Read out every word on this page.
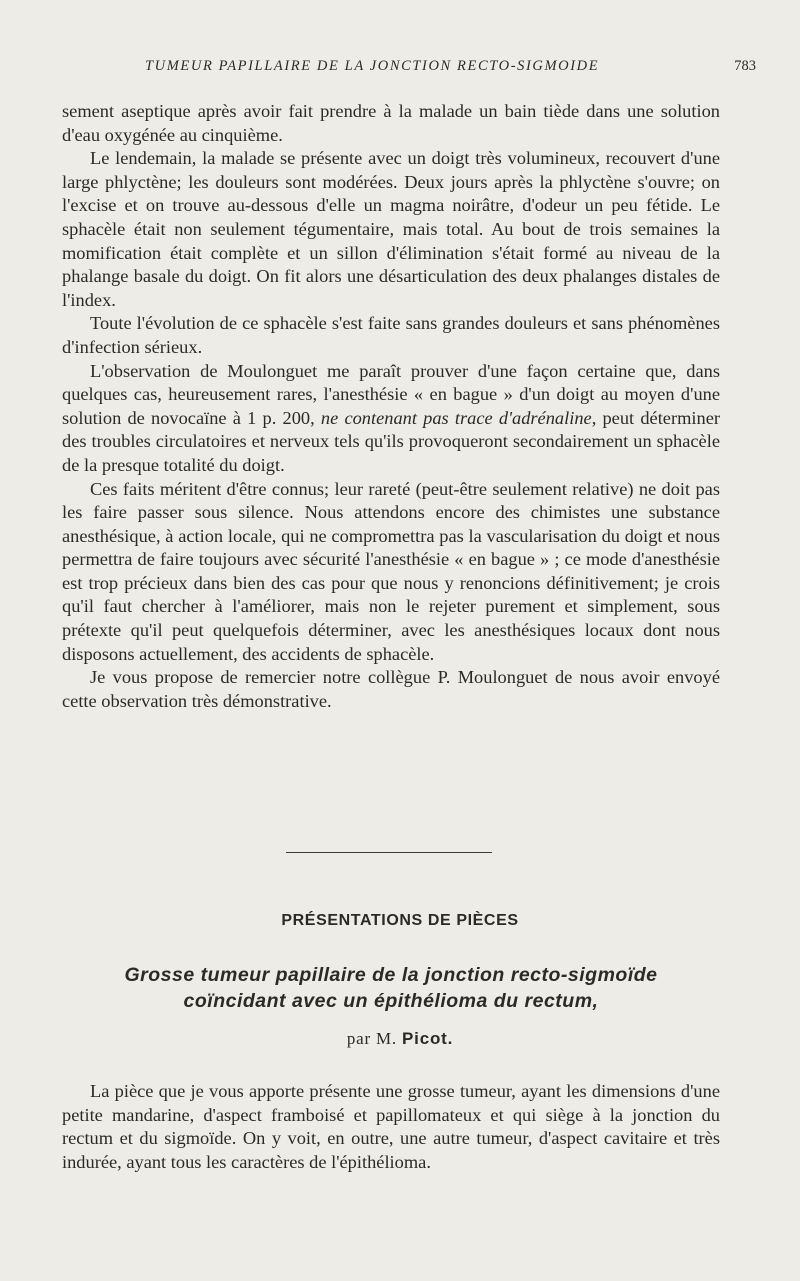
TUMEUR PAPILLAIRE DE LA JONCTION RECTO-SIGMOIDE	783

sement aseptique après avoir fait prendre à la malade un bain tiède dans une solution d'eau oxygénée au cinquième.

Le lendemain, la malade se présente avec un doigt très volumineux, recouvert d'une large phlyctène; les douleurs sont modérées. Deux jours après la phlyctène s'ouvre; on l'excise et on trouve au-dessous d'elle un magma noirâtre, d'odeur un peu fétide. Le sphacèle était non seulement tégumentaire, mais total. Au bout de trois semaines la momification était complète et un sillon d'élimination s'était formé au niveau de la phalange basale du doigt. On fit alors une désarticulation des deux phalanges distales de l'index.

Toute l'évolution de ce sphacèle s'est faite sans grandes douleurs et sans phénomènes d'infection sérieux.

L'observation de Moulonguet me paraît prouver d'une façon certaine que, dans quelques cas, heureusement rares, l'anesthésie « en bague » d'un doigt au moyen d'une solution de novocaïne à 1 p. 200, ne contenant pas trace d'adrénaline, peut déterminer des troubles circulatoires et nerveux tels qu'ils provoqueront secondairement un sphacèle de la presque totalité du doigt.

Ces faits méritent d'être connus; leur rareté (peut-être seulement relative) ne doit pas les faire passer sous silence. Nous attendons encore des chimistes une substance anesthésique, à action locale, qui ne compromettra pas la vascularisation du doigt et nous permettra de faire toujours avec sécurité l'anesthésie « en bague » ; ce mode d'anesthésie est trop précieux dans bien des cas pour que nous y renoncions définitivement; je crois qu'il faut chercher à l'améliorer, mais non le rejeter purement et simplement, sous prétexte qu'il peut quelquefois déterminer, avec les anesthésiques locaux dont nous disposons actuellement, des accidents de sphacèle.

Je vous propose de remercier notre collègue P. Moulonguet de nous avoir envoyé cette observation très démonstrative.

PRÉSENTATIONS DE PIÈCES
Grosse tumeur papillaire de la jonction recto-sigmoïde
coïncidant avec un épithélioma du rectum,
par M. Picot.

La pièce que je vous apporte présente une grosse tumeur, ayant les dimensions d'une petite mandarine, d'aspect framboisé et papillomateux et qui siège à la jonction du rectum et du sigmoïde. On y voit, en outre, une autre tumeur, d'aspect cavitaire et très indurée, ayant tous les caractères de l'épithélioma.
